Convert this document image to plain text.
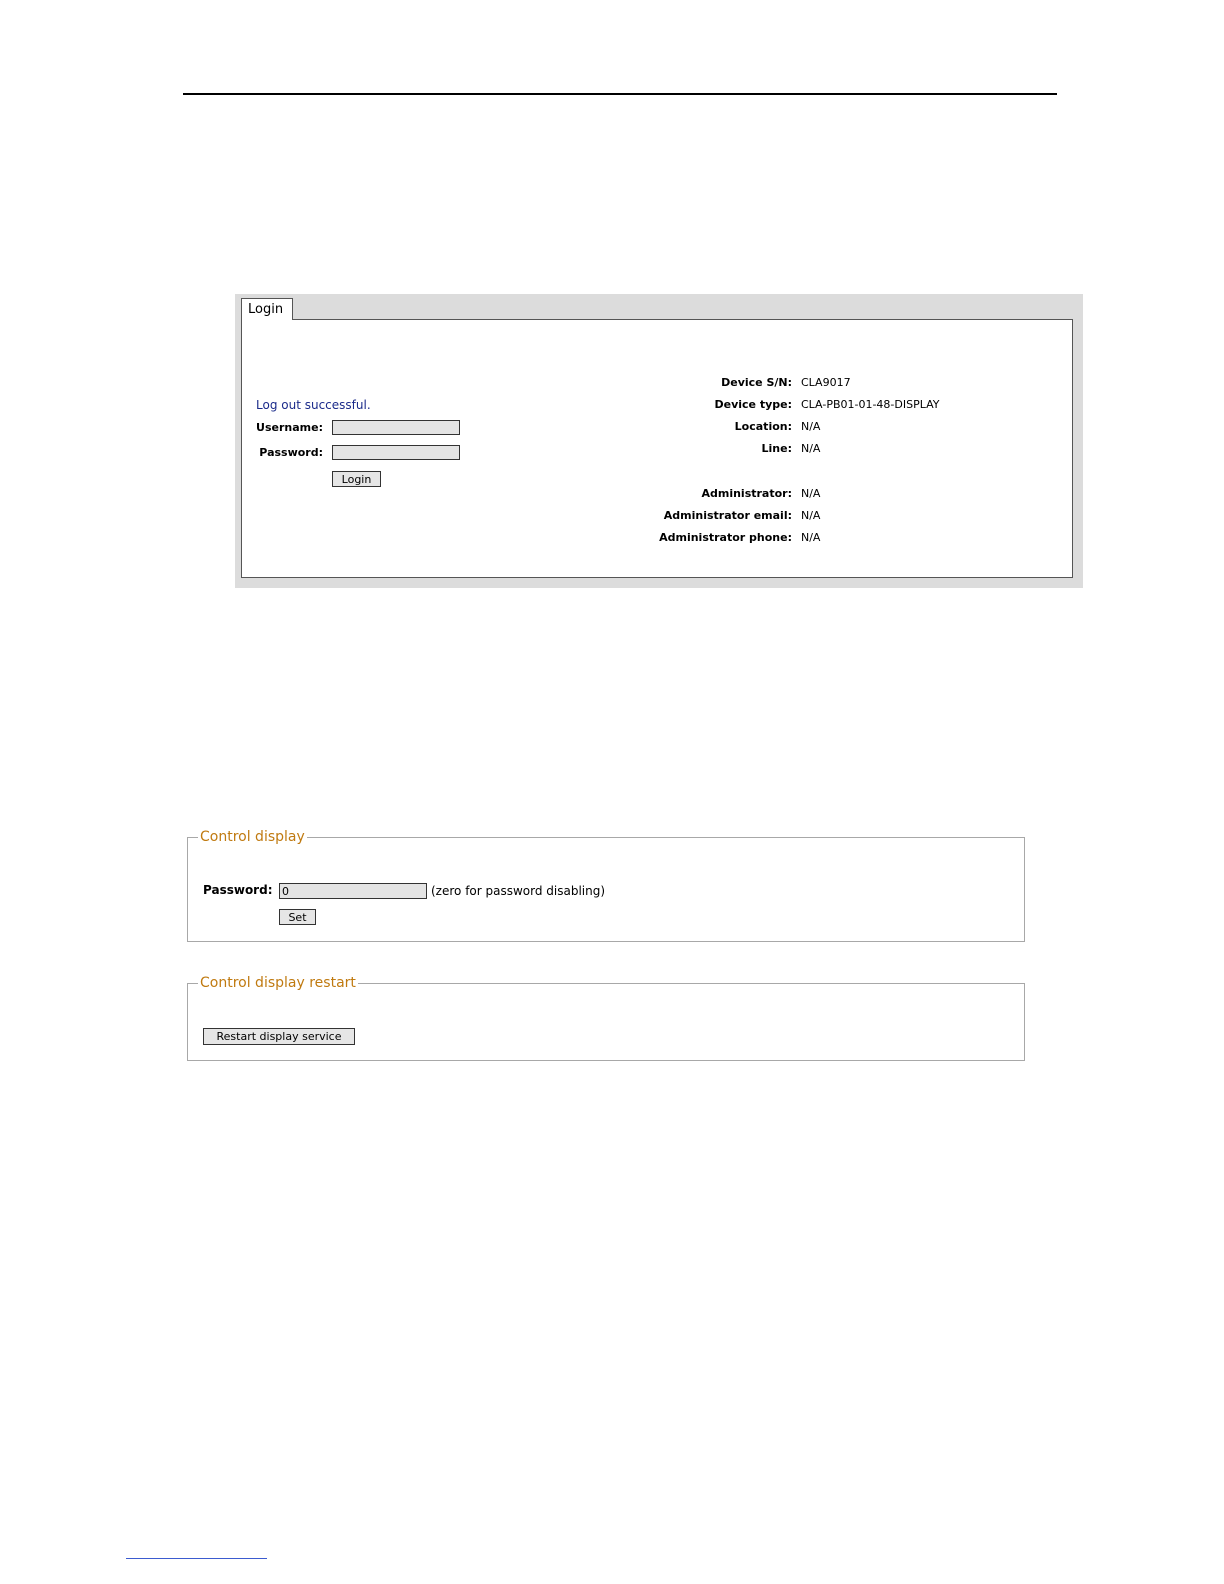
Login
Log out successful.
Username:
Password:
Login
Device S/N: CLA9017
Device type: CLA-PB01-01-48-DISPLAY
Location: N/A
Line: N/A
Administrator: N/A
Administrator email: N/A
Administrator phone: N/A
Control display
Password:
0	(zero for password disabling)
Set
Control display restart
Restart display service
